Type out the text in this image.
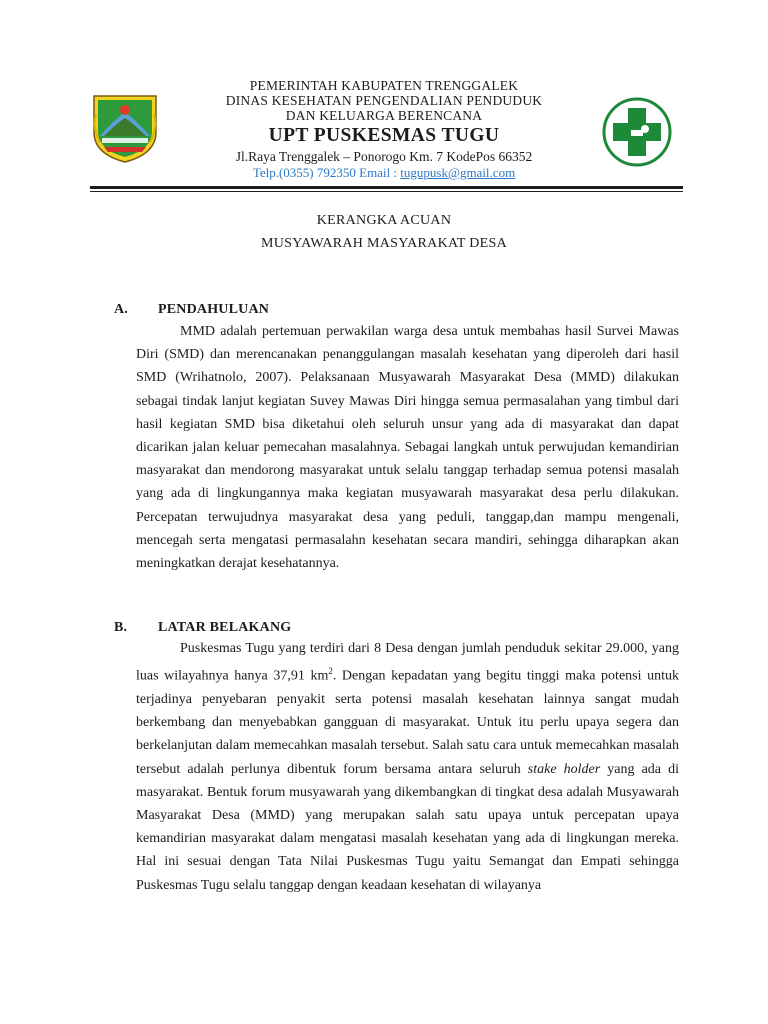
PEMERINTAH KABUPATEN TRENGGALEK
DINAS KESEHATAN PENGENDALIAN PENDUDUK
DAN KELUARGA BERENCANA
UPT PUSKESMAS TUGU
Jl.Raya Trenggalek – Ponorogo Km. 7 KodePos 66352
Telp.(0355) 792350 Email : tugupusk@gmail.com
KERANGKA ACUAN
MUSYAWARAH MASYARAKAT DESA
A. PENDAHULUAN
MMD adalah pertemuan perwakilan warga desa untuk membahas hasil Survei Mawas Diri (SMD) dan merencanakan penanggulangan masalah kesehatan yang diperoleh dari hasil SMD (Wrihatnolo, 2007). Pelaksanaan Musyawarah Masyarakat Desa (MMD) dilakukan sebagai tindak lanjut kegiatan Suvey Mawas Diri hingga semua permasalahan yang timbul dari hasil kegiatan SMD bisa diketahui oleh seluruh unsur yang ada di masyarakat dan dapat dicarikan jalan keluar pemecahan masalahnya. Sebagai langkah untuk perwujudan kemandirian masyarakat dan mendorong masyarakat untuk selalu tanggap terhadap semua potensi masalah yang ada di lingkungannya maka kegiatan musyawarah masyarakat desa perlu dilakukan. Percepatan terwujudnya masyarakat desa yang peduli, tanggap,dan mampu mengenali, mencegah serta mengatasi permasalahn kesehatan secara mandiri, sehingga diharapkan akan meningkatkan derajat kesehatannya.
B. LATAR BELAKANG
Puskesmas Tugu yang terdiri dari 8 Desa dengan jumlah penduduk sekitar 29.000, yang luas wilayahnya hanya 37,91 $km^2$. Dengan kepadatan yang begitu tinggi maka potensi untuk terjadinya penyebaran penyakit serta potensi masalah kesehatan lainnya sangat mudah berkembang dan menyebabkan gangguan di masyarakat. Untuk itu perlu upaya segera dan berkelanjutan dalam memecahkan masalah tersebut. Salah satu cara untuk memecahkan masalah tersebut adalah perlunya dibentuk forum bersama antara seluruh stake holder yang ada di masyarakat. Bentuk forum musyawarah yang dikembangkan di tingkat desa adalah Musyawarah Masyarakat Desa (MMD) yang merupakan salah satu upaya untuk percepatan upaya kemandirian masyarakat dalam mengatasi masalah kesehatan yang ada di lingkungan mereka. Hal ini sesuai dengan Tata Nilai Puskesmas Tugu yaitu Semangat dan Empati sehingga Puskesmas Tugu selalu tanggap dengan keadaan kesehatan di wilayanya
